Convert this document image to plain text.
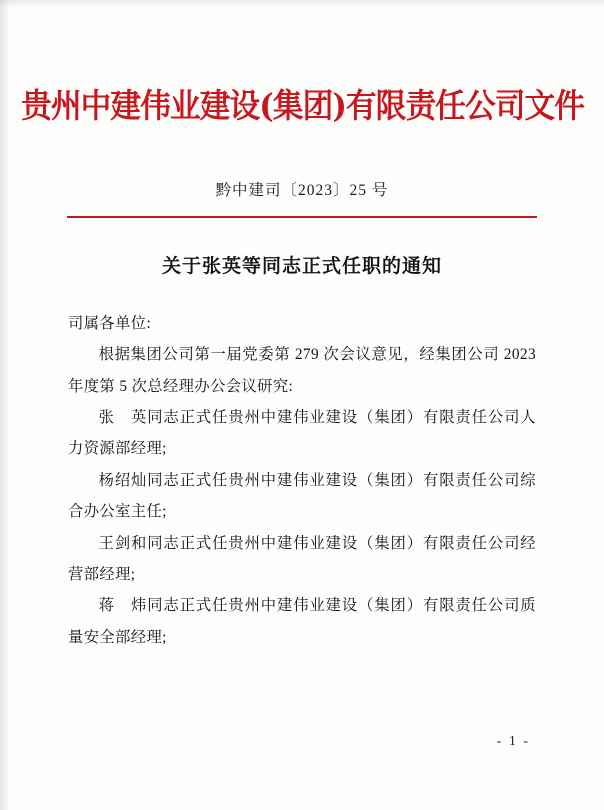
贵州中建伟业建设(集团)有限责任公司文件
黔中建司〔2023〕25 号
关于张英等同志正式任职的通知

司属各单位:

根据集团公司第一届党委第 279 次会议意见，经集团公司 2023 年度第 5 次总经理办公会议研究:

张　英同志正式任贵州中建伟业建设（集团）有限责任公司人力资源部经理;

杨绍灿同志正式任贵州中建伟业建设（集团）有限责任公司综合办公室主任;

王剑和同志正式任贵州中建伟业建设（集团）有限责任公司经营部经理;

蒋　炜同志正式任贵州中建伟业建设（集团）有限责任公司质量安全部经理;

- 1 -
